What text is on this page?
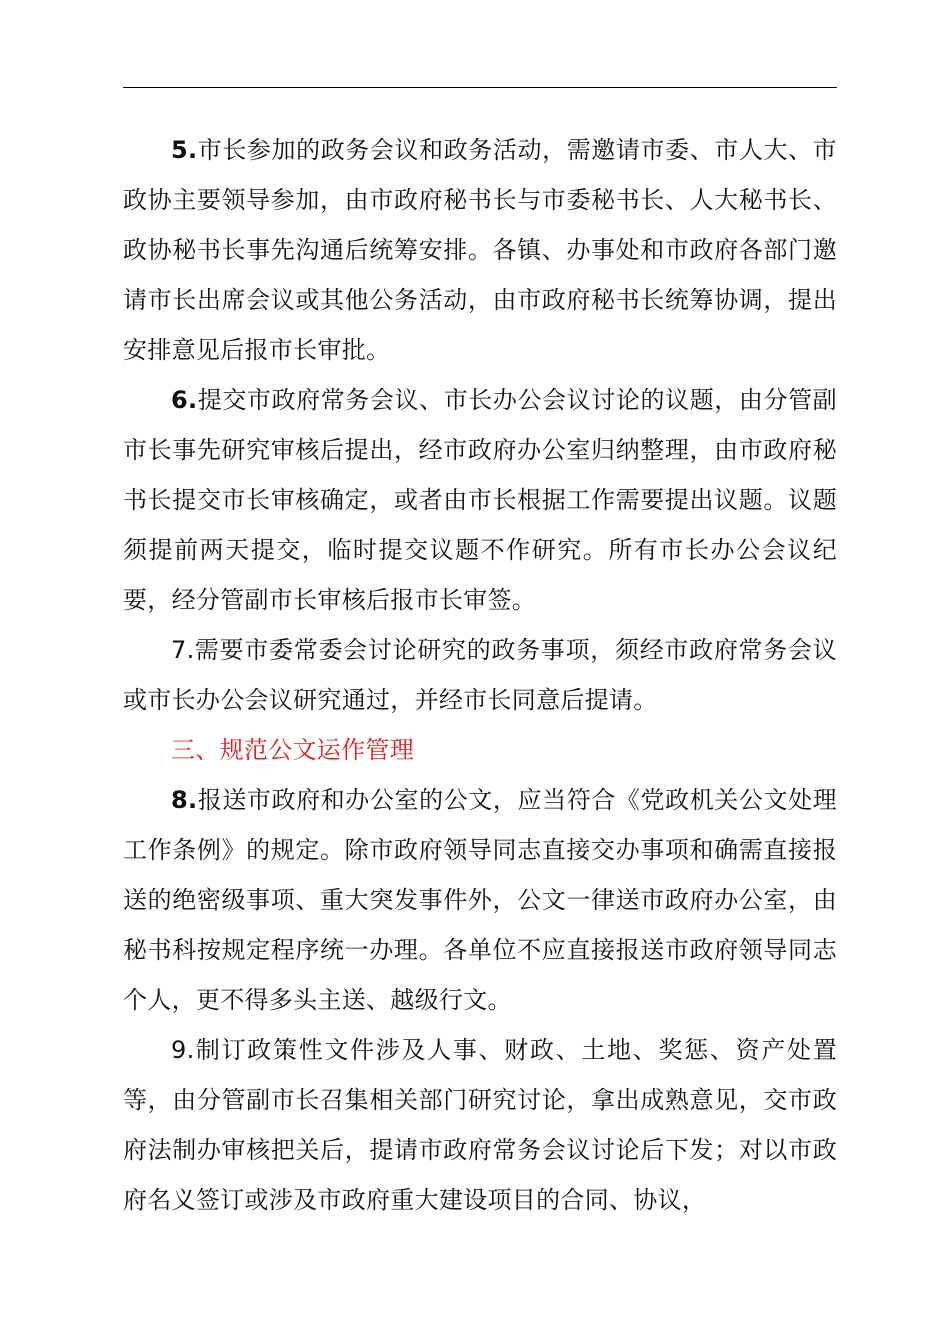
5.市长参加的政务会议和政务活动，需邀请市委、市人大、市政协主要领导参加，由市政府秘书长与市委秘书长、人大秘书长、政协秘书长事先沟通后统筹安排。各镇、办事处和市政府各部门邀请市长出席会议或其他公务活动，由市政府秘书长统筹协调，提出安排意见后报市长审批。

6.提交市政府常务会议、市长办公会议讨论的议题，由分管副市长事先研究审核后提出，经市政府办公室归纳整理，由市政府秘书长提交市长审核确定，或者由市长根据工作需要提出议题。议题须提前两天提交，临时提交议题不作研究。所有市长办公会议纪要，经分管副市长审核后报市长审签。

7.需要市委常委会讨论研究的政务事项，须经市政府常务会议或市长办公会议研究通过，并经市长同意后提请。

三、规范公文运作管理

8.报送市政府和办公室的公文，应当符合《党政机关公文处理工作条例》的规定。除市政府领导同志直接交办事项和确需直接报送的绝密级事项、重大突发事件外，公文一律送市政府办公室，由秘书科按规定程序统一办理。各单位不应直接报送市政府领导同志个人，更不得多头主送、越级行文。

9.制订政策性文件涉及人事、财政、土地、奖惩、资产处置等，由分管副市长召集相关部门研究讨论，拿出成熟意见，交市政府法制办审核把关后，提请市政府常务会议讨论后下发；对以市政府名义签订或涉及市政府重大建设项目的合同、协议，
